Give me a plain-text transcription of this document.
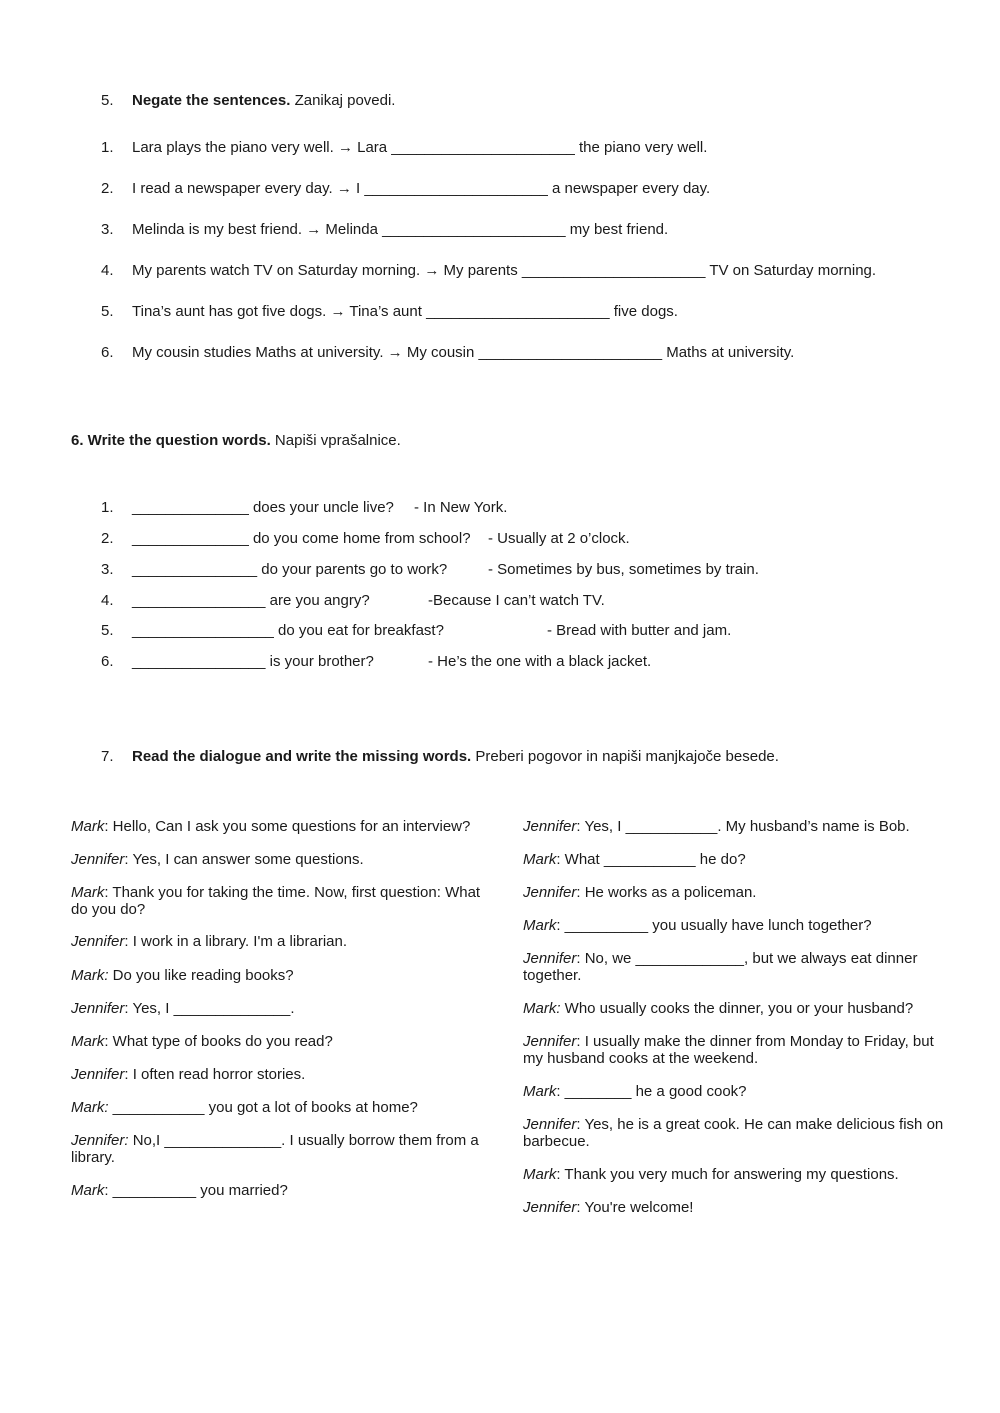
5.	Negate the sentences. Zanikaj povedi.
1.	Lara plays the piano very well. → Lara ______________________ the piano very well.
2.	I read a newspaper every day. → I ______________________ a newspaper every day.
3.	Melinda is my best friend. → Melinda ______________________ my best friend.
4.	My parents watch TV on Saturday morning. → My parents ______________________ TV on Saturday morning.
5.	Tina’s aunt has got five dogs. → Tina’s aunt ______________________ five dogs.
6.	My cousin studies Maths at university. → My cousin ______________________ Maths at university.
6. Write the question words. Napiši vprašalnice.
1.	______________ does your uncle live? - In New York.
2.	______________ do you come home from school? - Usually at 2 o’clock.
3.	_______________ do your parents go to work?	- Sometimes by bus, sometimes by train.
4.	________________ are you angry?	-Because I can’t watch TV.
5.	_________________ do you eat for breakfast?	- Bread with butter and jam.
6.	________________ is your brother?	- He’s the one with a black jacket.
7.	Read the dialogue and write the missing words. Preberi pogovor in napiši manjkajoče besede.
Mark: Hello, Can I ask you some questions for an interview?
Jennifer: Yes, I can answer some questions.
Mark: Thank you for taking the time. Now, first question: What do you do?
Jennifer: I work in a library. I'm a librarian.
Mark: Do you like reading books?
Jennifer: Yes, I ______________.
Mark: What type of books do you read?
Jennifer: I often read horror stories.
Mark: ___________ you got a lot of books at home?
Jennifer: No,I ______________. I usually borrow them from a library.
Mark: __________ you married?
Jennifer: Yes, I ___________. My husband’s name is Bob.
Mark: What ___________ he do?
Jennifer: He works as a policeman.
Mark: __________ you usually have lunch together?
Jennifer: No, we _____________, but we always eat dinner together.
Mark: Who usually cooks the dinner, you or your husband?
Jennifer: I usually make the dinner from Monday to Friday, but my husband cooks at the weekend.
Mark: ________ he a good cook?
Jennifer: Yes, he is a great cook. He can make delicious fish on barbecue.
Mark: Thank you very much for answering my questions.
Jennifer: You're welcome!
